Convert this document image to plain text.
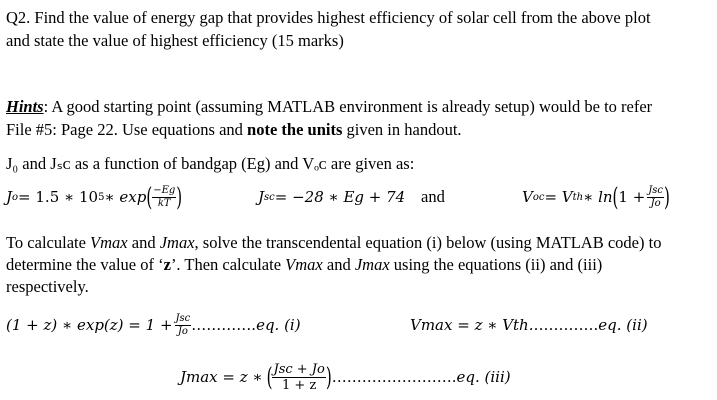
Q2. Find the value of energy gap that provides highest efficiency of solar cell from the above plot
and state the value of highest efficiency (15 marks)
Hints: A good starting point (assuming MATLAB environment is already setup) would be to refer
File #5: Page 22. Use equations and note the units given in handout.
J₀ and Jₛᴄ as a function of bandgap (Eg) and Vₒᴄ are given as:
J o = 1.5 ∗ 10 5 ∗ exp ( $\frac{-Eg}{kT}$ )	J sc = −28 ∗ Eg + 74 and	V oc = V th ∗ ln ( 1 + Jsc
Jo )
To calculate Vmax and Jmax, solve the transcendental equation (i) below (using MATLAB code) to
determine the value of ‘z’. Then calculate Vmax and Jmax using the equations (ii) and (iii)
respectively.
(1 + z) ∗ exp(z) = 1 + Jsc
Jo …………. eq. (i)	Vmax = z ∗ Vth. …………. eq. (ii)
Jmax = z ∗ ( Jsc + Jo
1 + z ) ……………………. eq. (iii)
